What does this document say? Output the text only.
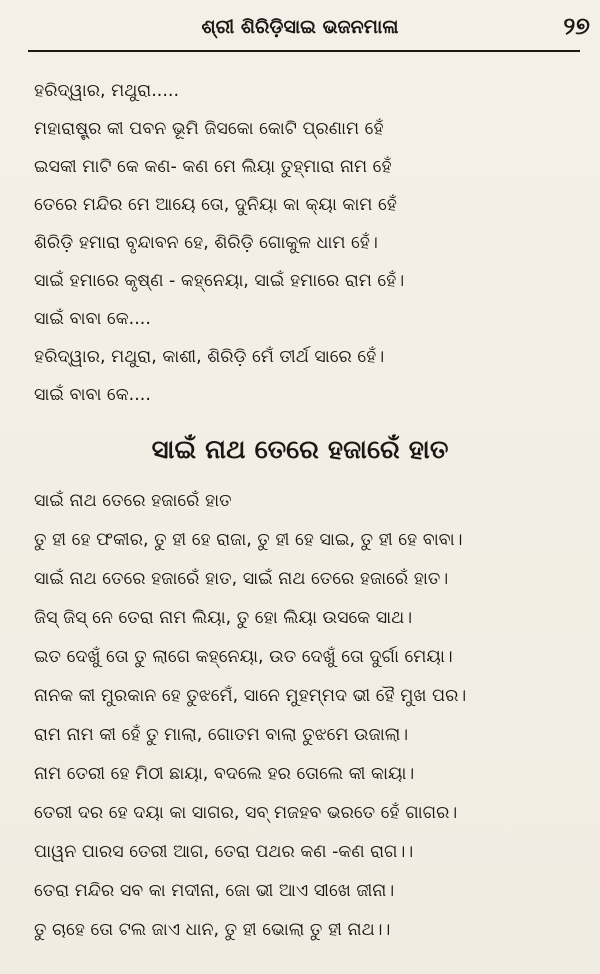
ଶ୍ରୀ ଶିରିଡ଼ିସାଇ ଭଜନମାଳା	୨୭
ହରିଦ୍ୱାର, ମଥୁରା.....
ମହାରାଷ୍ଟ୍ର କୀ ପବନ ଭୂମି ଜିସକୋ କୋଟି ପ୍ରଣାମ ହେଁ
ଇସକୀ ମାଟି କେ କଣ- କଣ ମେ ଲିୟା ତୁହ୍ମାରା ନାମ ହେଁ
ତେରେ ମନ୍ଦିର ମେ ଆୟେ ତୋ, ଦୁନିୟା କା କ୍ୟା କାମ ହେଁ
ଶିରିଡ଼ି ହମାରା ବୃନ୍ଦାବନ ହେ, ଶିରିଡ଼ି ଗୋକୁଳ ଧାମ ହେଁ।
ସାଇଁ ହମାରେ କୃଷ୍ଣ - କହ୍ନେୟା, ସାଇଁ ହମାରେ ରାମ ହେଁ।
ସାଇଁ ବାବା କେ....
ହରିଦ୍ୱାର, ମଥୁରା, କାଶୀ, ଶିରିଡ଼ି ମେଁ ତୀର୍ଥ ସାରେ ହେଁ।
ସାଇଁ ବାବା କେ....
ସାଇଁ ନାଥ ତେରେ ହଜାରେଁ ହାତ
ସାଇଁ ନାଥ ତେରେ ହଜାରେଁ ହାତ
ତୁ ହୀ ହେ ଫକୀର, ତୁ ହୀ ହେ ରାଜା, ତୁ ହୀ ହେ ସାଇ, ତୁ ହୀ ହେ ବାବା।
ସାଇଁ ନାଥ ତେରେ ହଜାରେଁ ହାତ, ସାଇଁ ନାଥ ତେରେ ହଜାରେଁ ହାତ।
ଜିସ୍ ଜିସ୍ ନେ ତେରା ନାମ ଲିୟା, ତୁ ହୋ ଲିୟା ଉସକେ ସାଥ।
ଇତ ଦେଖୁଁ ତୋ ତୁ ଲାଗେ କହ୍ନେୟା, ଉତ ଦେଖୁଁ ତୋ ଦୁର୍ଗା ମେୟା।
ନାନକ କୀ ମୁରକାନ ହେ ତୁଝମେଁ, ସାନେ ମୁହମ୍ମଦ ଭୀ ହୈ ମୁଖ ପର।
ରାମ ନାମ କୀ ହେଁ ତୁ ମାଲା, ଗୋତମ ବାଲା ତୁଝମେ ଉଜାଲା।
ନାମ ତେରୀ ହେ ମିଠୀ ଛାୟା, ବଦଲେ ହର ତୋଲେ କୀ କାୟା।
ତେରୀ ଦର ହେ ଦୟା କା ସାଗର, ସବ୍ ମଜହବ ଭରତେ ହେଁ ଗାଗର।
ପାୱନ ପାରସ ତେରୀ ଆଗ, ତେରା ପଥର କଣ -କଣ ରାଗ।।
ତେରା ମନ୍ଦିର ସବ କା ମଦୀନା, ଜୋ ଭୀ ଆଏ ସୀଖେ ଜୀନା।
ତୁ ଚାହେ ତୋ ଟଲ ଜାଏ ଧାନ, ତୁ ହୀ ଭୋଲା ତୁ ହୀ ନାଥ।।
